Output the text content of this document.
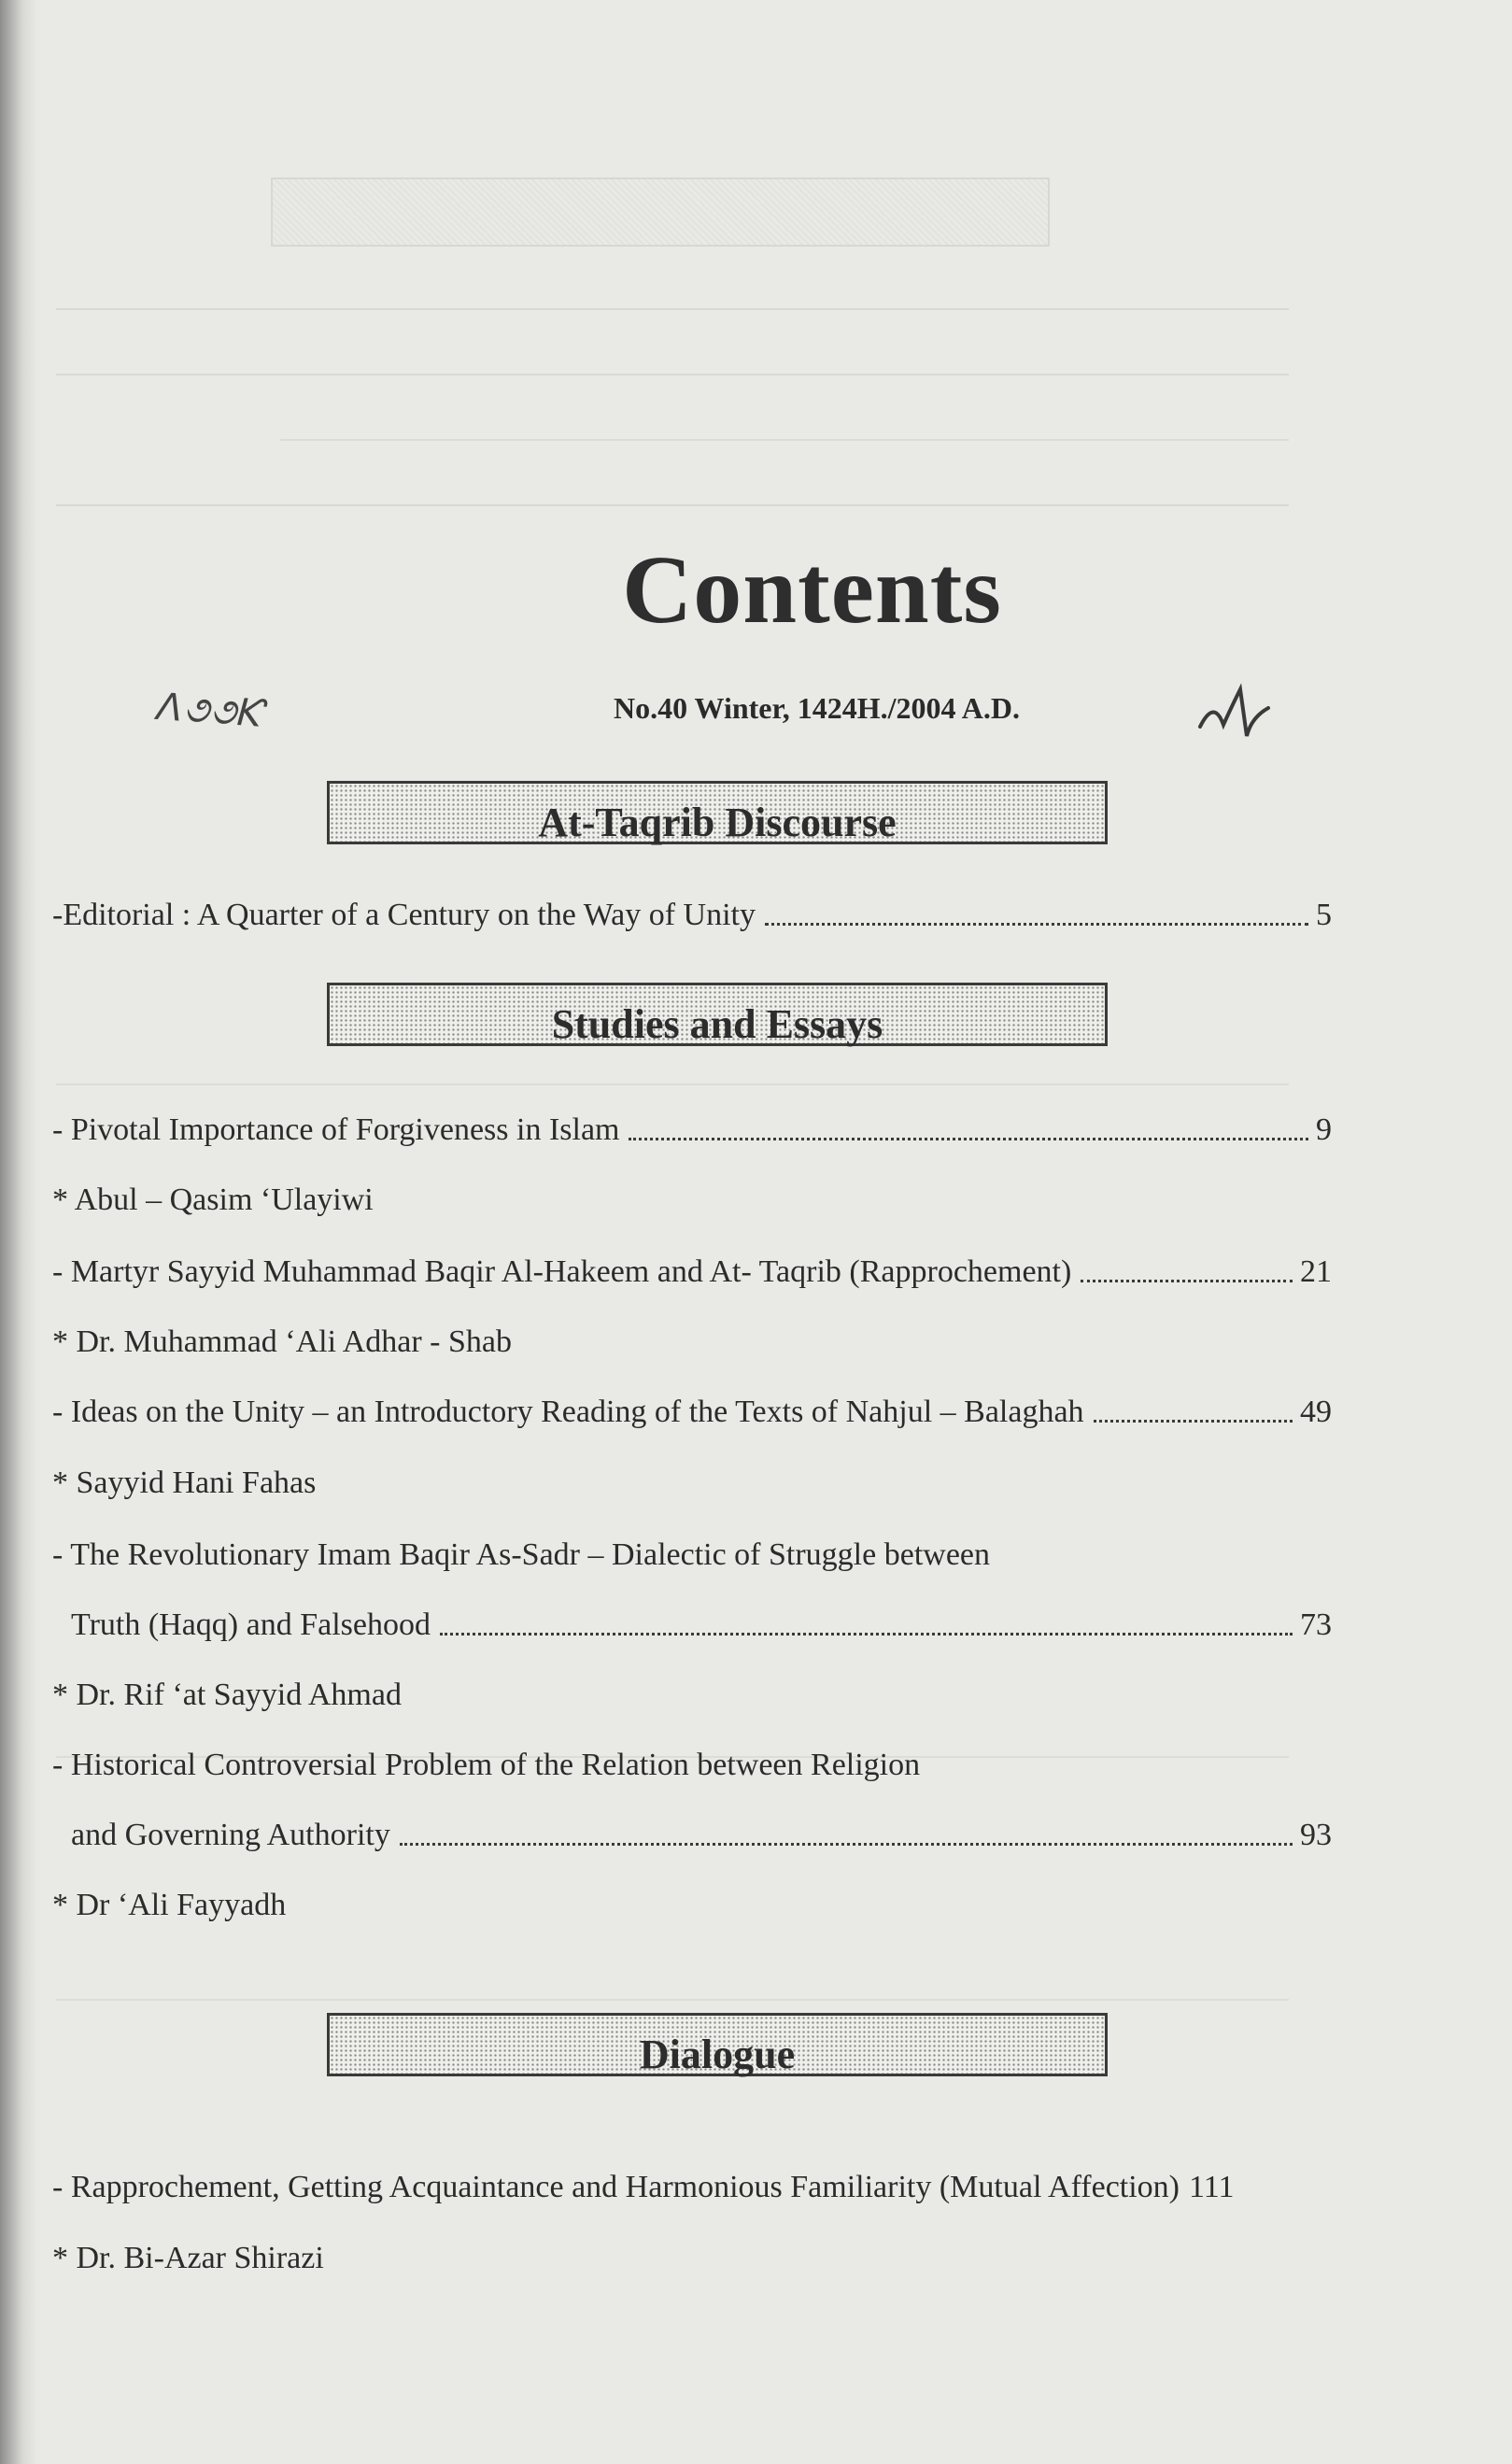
Contents
No.40 Winter, 1424H./2004 A.D.
ᐱ૭૭Ƙ
At-Taqrib Discourse
-Editorial : A Quarter of a Century on the Way of Unity	5
Studies and Essays
- Pivotal Importance of Forgiveness in Islam	9
* Abul – Qasim ‘Ulayiwi
- Martyr Sayyid Muhammad Baqir Al-Hakeem and At- Taqrib (Rapprochement)	21
* Dr. Muhammad ‘Ali Adhar - Shab
- Ideas on the Unity – an Introductory Reading of the Texts of Nahjul – Balaghah	49
* Sayyid Hani Fahas
- The Revolutionary Imam Baqir As-Sadr – Dialectic of Struggle between
Truth (Haqq) and Falsehood	73
* Dr. Rif ‘at Sayyid Ahmad
- Historical Controversial Problem of the Relation between Religion
and Governing Authority	93
* Dr ‘Ali Fayyadh
Dialogue
- Rapprochement, Getting Acquaintance and Harmonious Familiarity (Mutual Affection) 111
* Dr. Bi-Azar Shirazi
